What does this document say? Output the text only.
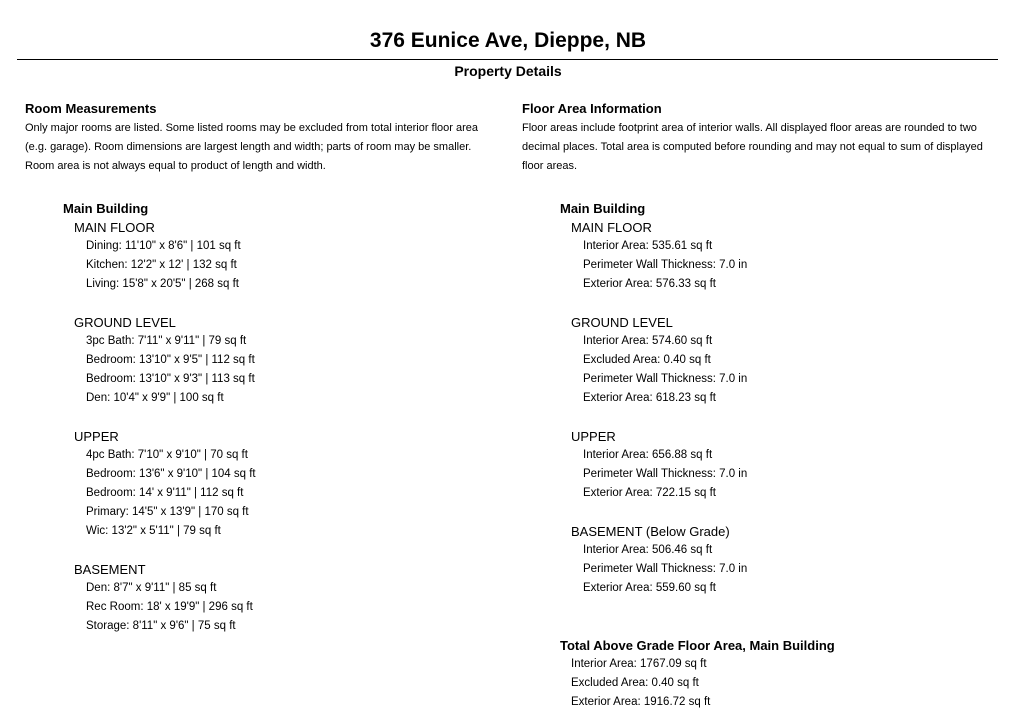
376 Eunice Ave, Dieppe, NB
Property Details
Room Measurements
Only major rooms are listed. Some listed rooms may be excluded from total interior floor area (e.g. garage). Room dimensions are largest length and width; parts of room may be smaller. Room area is not always equal to product of length and width.
Main Building
MAIN FLOOR
Dining: 11'10" x 8'6" | 101 sq ft
Kitchen: 12'2" x 12' | 132 sq ft
Living: 15'8" x 20'5" | 268 sq ft
GROUND LEVEL
3pc Bath: 7'11" x 9'11" | 79 sq ft
Bedroom: 13'10" x 9'5" | 112 sq ft
Bedroom: 13'10" x 9'3" | 113 sq ft
Den: 10'4" x 9'9" | 100 sq ft
UPPER
4pc Bath: 7'10" x 9'10" | 70 sq ft
Bedroom: 13'6" x 9'10" | 104 sq ft
Bedroom: 14' x 9'11" | 112 sq ft
Primary: 14'5" x 13'9" | 170 sq ft
Wic: 13'2" x 5'11" | 79 sq ft
BASEMENT
Den: 8'7" x 9'11" | 85 sq ft
Rec Room: 18' x 19'9" | 296 sq ft
Storage: 8'11" x 9'6" | 75 sq ft
Floor Area Information
Floor areas include footprint area of interior walls. All displayed floor areas are rounded to two decimal places. Total area is computed before rounding and may not equal to sum of displayed floor areas.
Main Building
MAIN FLOOR
Interior Area: 535.61 sq ft
Perimeter Wall Thickness: 7.0 in
Exterior Area: 576.33 sq ft
GROUND LEVEL
Interior Area: 574.60 sq ft
Excluded Area: 0.40 sq ft
Perimeter Wall Thickness: 7.0 in
Exterior Area: 618.23 sq ft
UPPER
Interior Area: 656.88 sq ft
Perimeter Wall Thickness: 7.0 in
Exterior Area: 722.15 sq ft
BASEMENT (Below Grade)
Interior Area: 506.46 sq ft
Perimeter Wall Thickness: 7.0 in
Exterior Area: 559.60 sq ft
Total Above Grade Floor Area, Main Building
Interior Area: 1767.09 sq ft
Excluded Area: 0.40 sq ft
Exterior Area: 1916.72 sq ft
